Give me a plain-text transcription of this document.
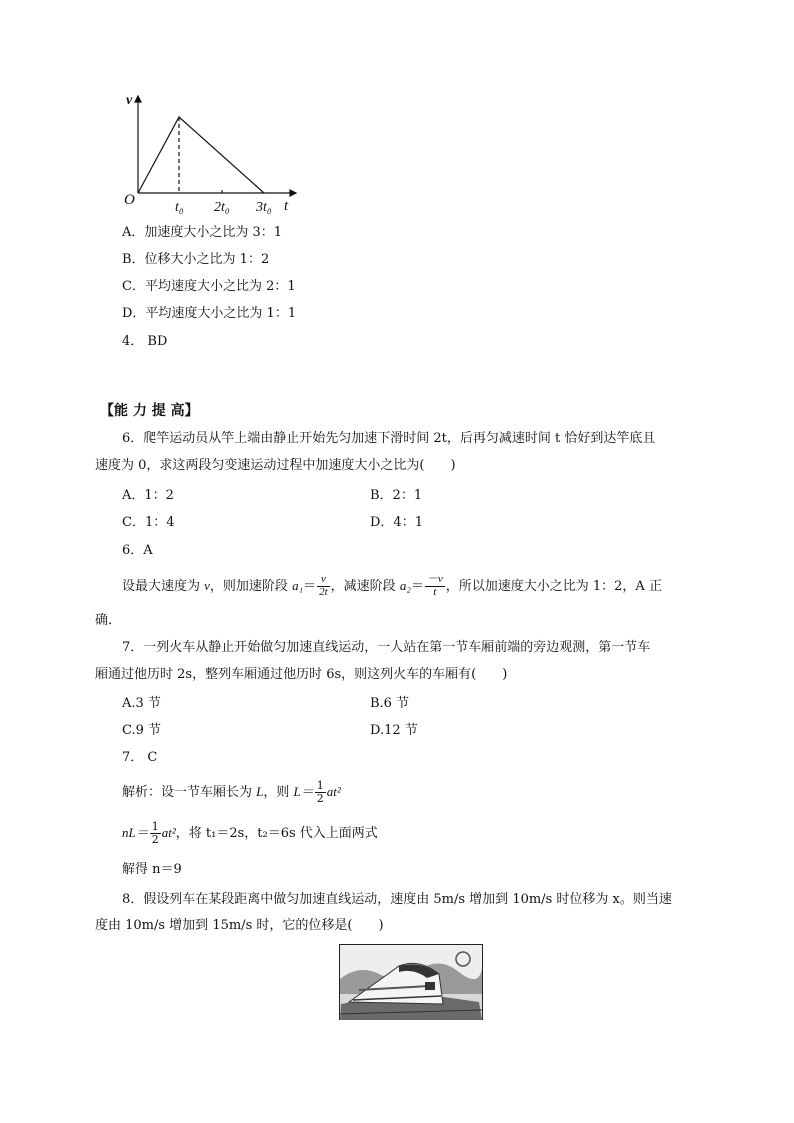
v
O	t
t₀ 2t₀ 3t₀
A．加速度大小之比为 3：1
B．位移大小之比为 1：2
C．平均速度大小之比为 2：1
D．平均速度大小之比为 1：1
4． BD
【能 力 提 高】
6．爬竿运动员从竿上端由静止开始先匀加速下滑时间 2t，后再匀减速时间 t 恰好到达竿底且
速度为 0，求这两段匀变速运动过程中加速度大小之比为(　　)
A．1：2	B．2：1
C．1：4	D．4：1
6．A
设最大速度为 v，则加速阶段 $a_1= \frac{v}{2t}$ ，减速阶段 $a_2= \frac{-v}{t}$ ，所以加速度大小之比为 1：2，A 正
确．
7．一列火车从静止开始做匀加速直线运动，一人站在第一节车厢前端的旁边观测，第一节车
厢通过他历时 2s，整列车厢通过他历时 6s，则这列火车的车厢有(　　)
A.3 节	B.6 节
C.9 节	D.12 节
7． C
解析：设一节车厢长为 L，则 $L= \frac{1}{2} at^2$
$nL= \frac{1}{2} at^2$，将 t₁＝2s，t₂＝6s 代入上面两式
解得 n＝9
8．假设列车在某段距离中做匀加速直线运动，速度由 5m/s 增加到 10m/s 时位移为 x。则当速
度由 10m/s 增加到 15m/s 时，它的位移是(　　)
